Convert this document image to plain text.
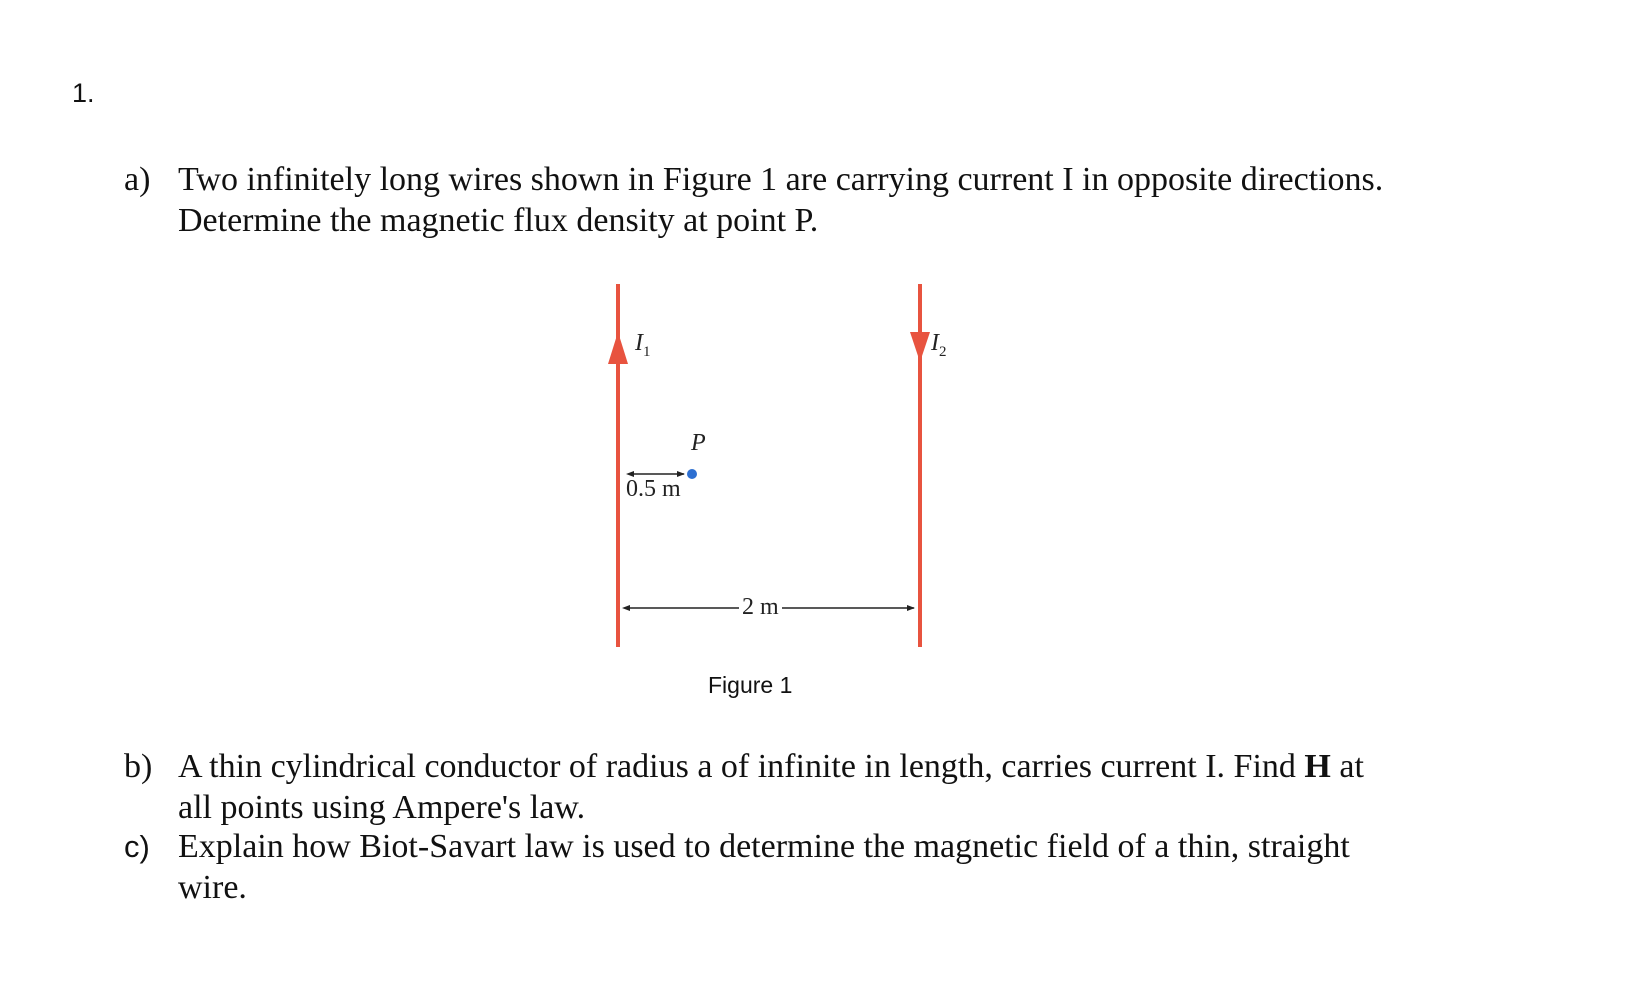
1.
a) Two infinitely long wires shown in Figure 1 are carrying current I in opposite directions.
Determine the magnetic flux density at point P.
$I_1$	$I_2$
P
0.5 m
2 m
Figure 1
b) A thin cylindrical conductor of radius a of infinite in length, carries current I. Find H at
all points using Ampere's law.
c) Explain how Biot-Savart law is used to determine the magnetic field of a thin, straight
wire.
